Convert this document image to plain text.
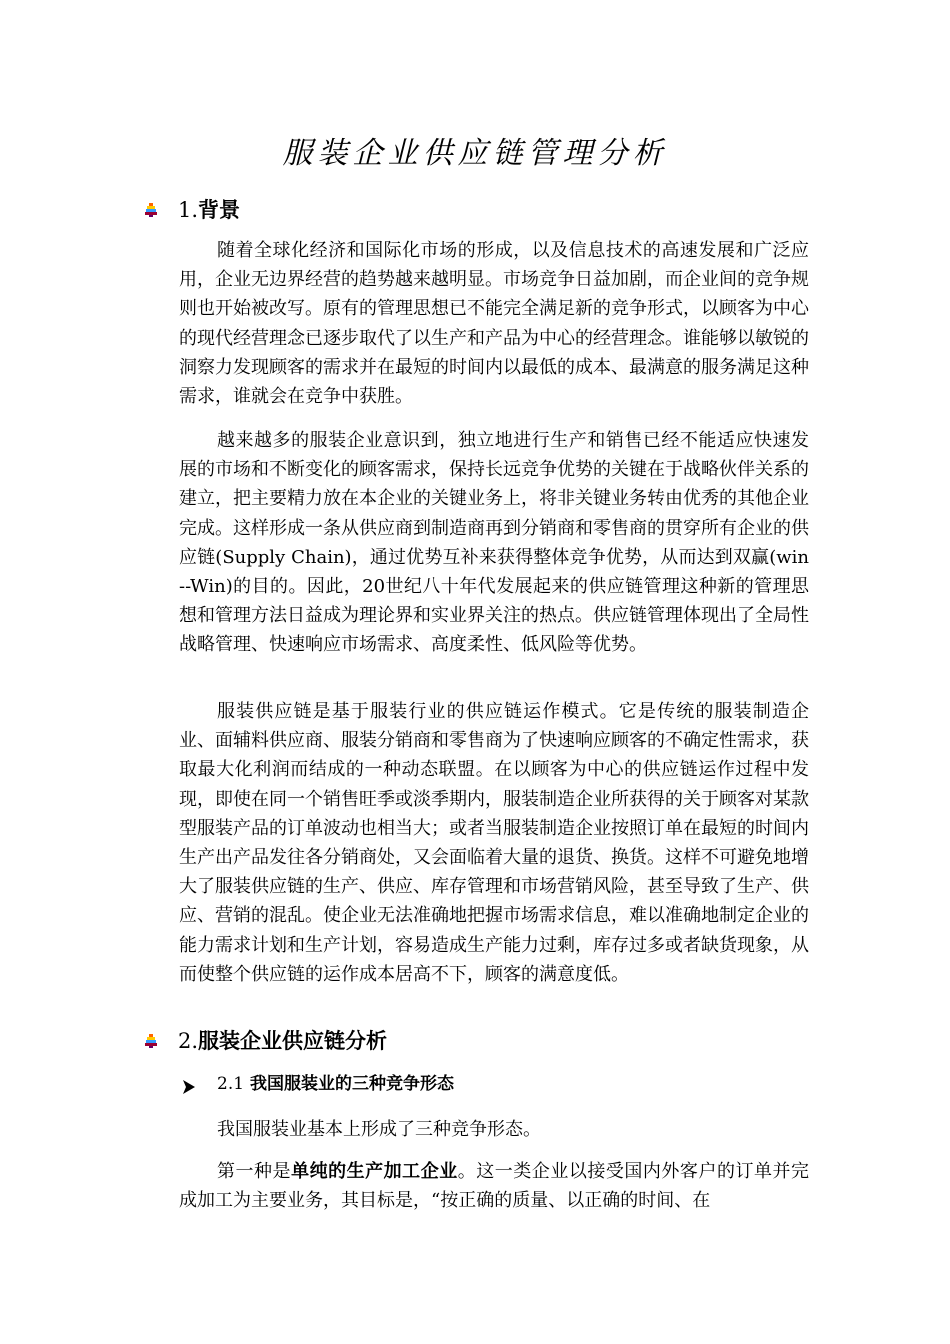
服装企业供应链管理分析
1. 背景

随着全球化经济和国际化市场的形成，以及信息技术的高速发展和广泛应用，企业无边界经营的趋势越来越明显。市场竞争日益加剧，而企业间的竞争规则也开始被改写。原有的管理思想已不能完全满足新的竞争形式，以顾客为中心的现代经营理念已逐步取代了以生产和产品为中心的经营理念。谁能够以敏锐的洞察力发现顾客的需求并在最短的时间内以最低的成本、最满意的服务满足这种需求，谁就会在竞争中获胜。

越来越多的服装企业意识到，独立地进行生产和销售已经不能适应快速发展的市场和不断变化的顾客需求，保持长远竞争优势的关键在于战略伙伴关系的建立，把主要精力放在本企业的关键业务上，将非关键业务转由优秀的其他企业完成。这样形成一条从供应商到制造商再到分销商和零售商的贯穿所有企业的供应链(Supply Chain)，通过优势互补来获得整体竞争优势，从而达到双赢(win--Win)的目的。因此，20世纪八十年代发展起来的供应链管理这种新的管理思想和管理方法日益成为理论界和实业界关注的热点。供应链管理体现出了全局性战略管理、快速响应市场需求、高度柔性、低风险等优势。

服装供应链是基于服装行业的供应链运作模式。它是传统的服装制造企业、面辅料供应商、服装分销商和零售商为了快速响应顾客的不确定性需求，获取最大化利润而结成的一种动态联盟。在以顾客为中心的供应链运作过程中发现，即使在同一个销售旺季或淡季期内，服装制造企业所获得的关于顾客对某款型服装产品的订单波动也相当大；或者当服装制造企业按照订单在最短的时间内生产出产品发往各分销商处，又会面临着大量的退货、换货。这样不可避免地增大了服装供应链的生产、供应、库存管理和市场营销风险，甚至导致了生产、供应、营销的混乱。使企业无法准确地把握市场需求信息，难以准确地制定企业的能力需求计划和生产计划，容易造成生产能力过剩，库存过多或者缺货现象，从而使整个供应链的运作成本居高不下，顾客的满意度低。

2. 服装企业供应链分析
2.1 我国服装业的三种竞争形态

我国服装业基本上形成了三种竞争形态。

第一种是单纯的生产加工企业。这一类企业以接受国内外客户的订单并完成加工为主要业务，其目标是，“按正确的质量、以正确的时间、在
